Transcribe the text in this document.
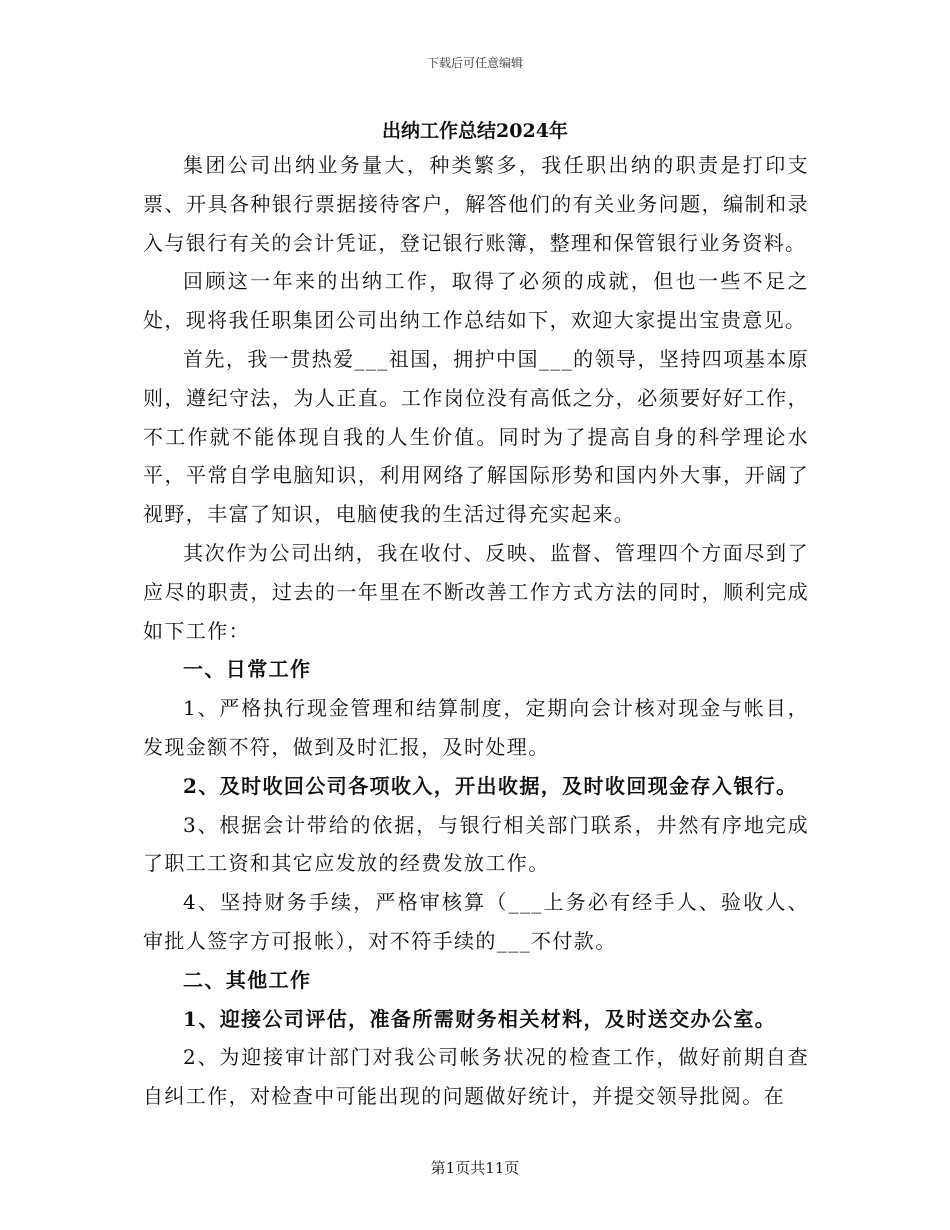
下载后可任意编辑
出纳工作总结2024年

集团公司出纳业务量大，种类繁多，我任职出纳的职责是打印支票、开具各种银行票据接待客户，解答他们的有关业务问题，编制和录入与银行有关的会计凭证，登记银行账簿，整理和保管银行业务资料。

回顾这一年来的出纳工作，取得了必须的成就，但也一些不足之处，现将我任职集团公司出纳工作总结如下，欢迎大家提出宝贵意见。

首先，我一贯热爱___祖国，拥护中国___的领导，坚持四项基本原则，遵纪守法，为人正直。工作岗位没有高低之分，必须要好好工作，不工作就不能体现自我的人生价值。同时为了提高自身的科学理论水平，平常自学电脑知识，利用网络了解国际形势和国内外大事，开阔了视野，丰富了知识，电脑使我的生活过得充实起来。

其次作为公司出纳，我在收付、反映、监督、管理四个方面尽到了应尽的职责，过去的一年里在不断改善工作方式方法的同时，顺利完成如下工作：

一、日常工作

1、严格执行现金管理和结算制度，定期向会计核对现金与帐目，发现金额不符，做到及时汇报，及时处理。

2、及时收回公司各项收入，开出收据，及时收回现金存入银行。

3、根据会计带给的依据，与银行相关部门联系，井然有序地完成了职工工资和其它应发放的经费发放工作。

4、坚持财务手续，严格审核算（___上务必有经手人、验收人、审批人签字方可报帐），对不符手续的___不付款。

二、其他工作

1、迎接公司评估，准备所需财务相关材料，及时送交办公室。

2、为迎接审计部门对我公司帐务状况的检查工作，做好前期自查自纠工作，对检查中可能出现的问题做好统计，并提交领导批阅。在

第1页共11页
